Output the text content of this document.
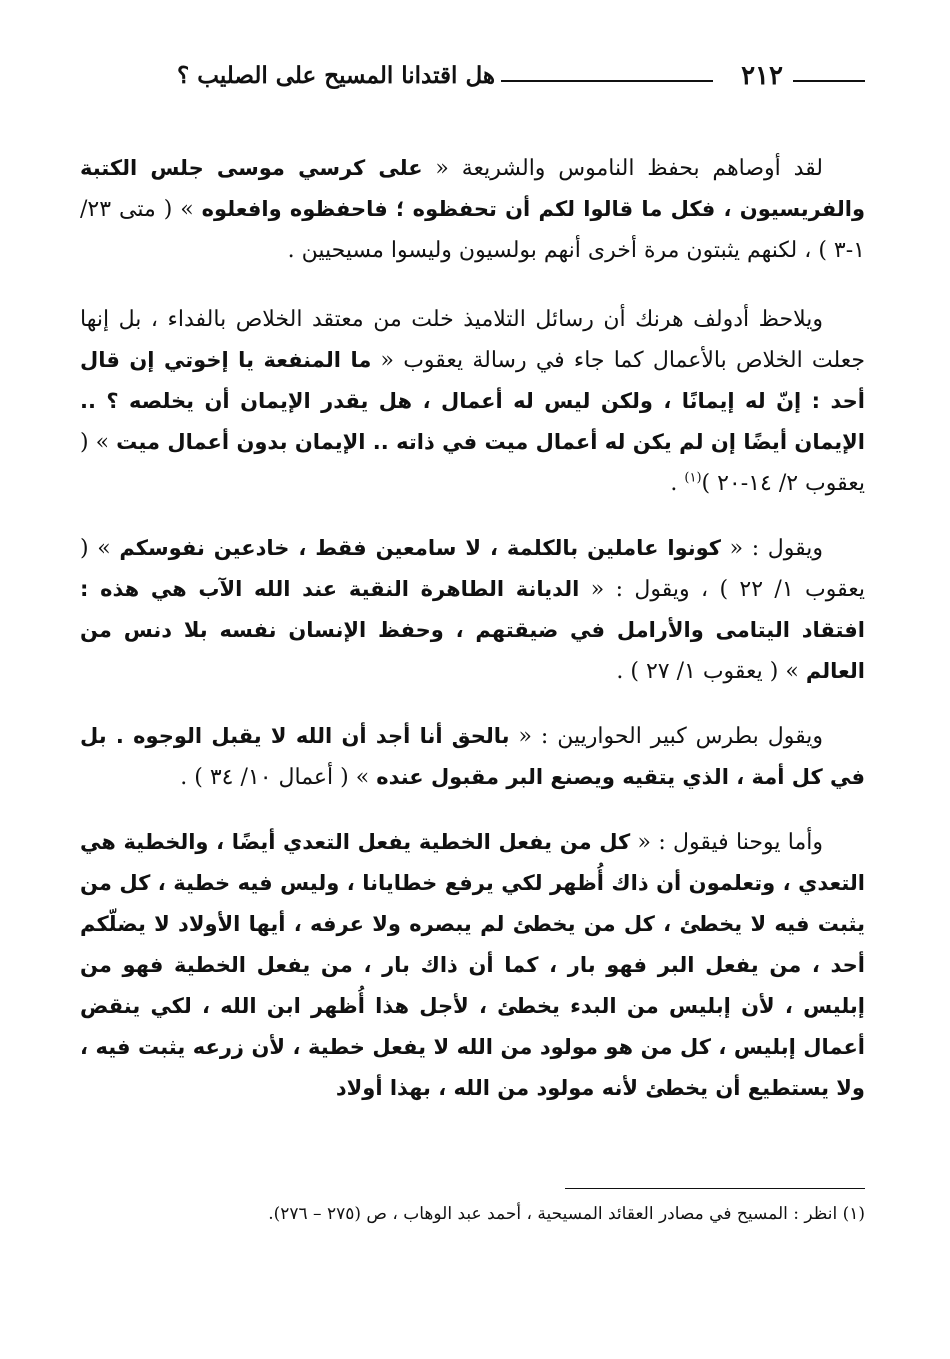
٢١٢
هل اقتدانا المسيح على الصليب ؟

لقد أوصاهم بحفظ الناموس والشريعة « على كرسي موسى جلس الكتبة والفريسيون ، فكل ما قالوا لكم أن تحفظوه ؛ فاحفظوه وافعلوه » ( متى ٢٣/ ١-٣ ) ، لكنهم يثبتون مرة أخرى أنهم بولسيون وليسوا مسيحيين .

ويلاحظ أدولف هرنك أن رسائل التلاميذ خلت من معتقد الخلاص بالفداء ، بل إنها جعلت الخلاص بالأعمال كما جاء في رسالة يعقوب « ما المنفعة يا إخوتي إن قال أحد : إنّ له إيمانًا ، ولكن ليس له أعمال ، هل يقدر الإيمان أن يخلصه ؟ .. الإيمان أيضًا إن لم يكن له أعمال ميت في ذاته .. الإيمان بدون أعمال ميت » ( يعقوب ٢/ ١٤-٢٠ )$^{(١)}$ .

ويقول : « كونوا عاملين بالكلمة ، لا سامعين فقط ، خادعين نفوسكم » ( يعقوب ١/ ٢٢ ) ، ويقول : « الديانة الطاهرة النقية عند الله الآب هي هذه : افتقاد اليتامى والأرامل في ضيقتهم ، وحفظ الإنسان نفسه بلا دنس من العالم » ( يعقوب ١/ ٢٧ ) .

ويقول بطرس كبير الحواريين : « بالحق أنا أجد أن الله لا يقبل الوجوه . بل في كل أمة ، الذي يتقيه ويصنع البر مقبول عنده » ( أعمال ١٠/ ٣٤ ) .

وأما يوحنا فيقول : « كل من يفعل الخطية يفعل التعدي أيضًا ، والخطية هي التعدي ، وتعلمون أن ذاك أُظهر لكي يرفع خطايانا ، وليس فيه خطية ، كل من يثبت فيه لا يخطئ ، كل من يخطئ لم يبصره ولا عرفه ، أيها الأولاد لا يضلّكم أحد ، من يفعل البر فهو بار ، كما أن ذاك بار ، من يفعل الخطية فهو من إبليس ، لأن إبليس من البدء يخطئ ، لأجل هذا أُظهر ابن الله ، لكي ينقض أعمال إبليس ، كل من هو مولود من الله لا يفعل خطية ، لأن زرعه يثبت فيه ، ولا يستطيع أن يخطئ لأنه مولود من الله ، بهذا أولاد

(١) انظر : المسيح في مصادر العقائد المسيحية ، أحمد عبد الوهاب ، ص (٢٧٥ – ٢٧٦).
